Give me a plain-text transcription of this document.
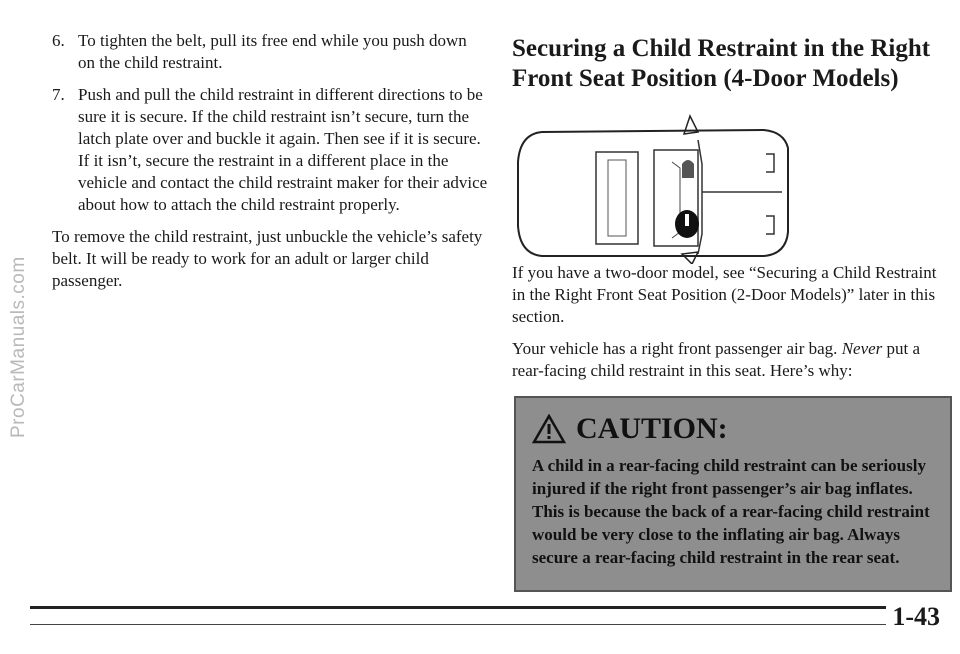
ProCarManuals.com
6. To tighten the belt, pull its free end while you push down on the child restraint.
7. Push and pull the child restraint in different directions to be sure it is secure. If the child restraint isn’t secure, turn the latch plate over and buckle it again. Then see if it is secure. If it isn’t, secure the restraint in a different place in the vehicle and contact the child restraint maker for their advice about how to attach the child restraint properly.

To remove the child restraint, just unbuckle the vehicle’s safety belt. It will be ready to work for an adult or larger child passenger.

Securing a Child Restraint in the Right Front Seat Position (4-Door Models)

If you have a two-door model, see “Securing a Child Restraint in the Right Front Seat Position (2-Door Models)” later in this section.

Your vehicle has a right front passenger air bag. Never put a rear-facing child restraint in this seat. Here’s why:

CAUTION:
A child in a rear-facing child restraint can be seriously injured if the right front passenger’s air bag inflates. This is because the back of a rear-facing child restraint would be very close to the inflating air bag. Always secure a rear-facing child restraint in the rear seat.
1-43
